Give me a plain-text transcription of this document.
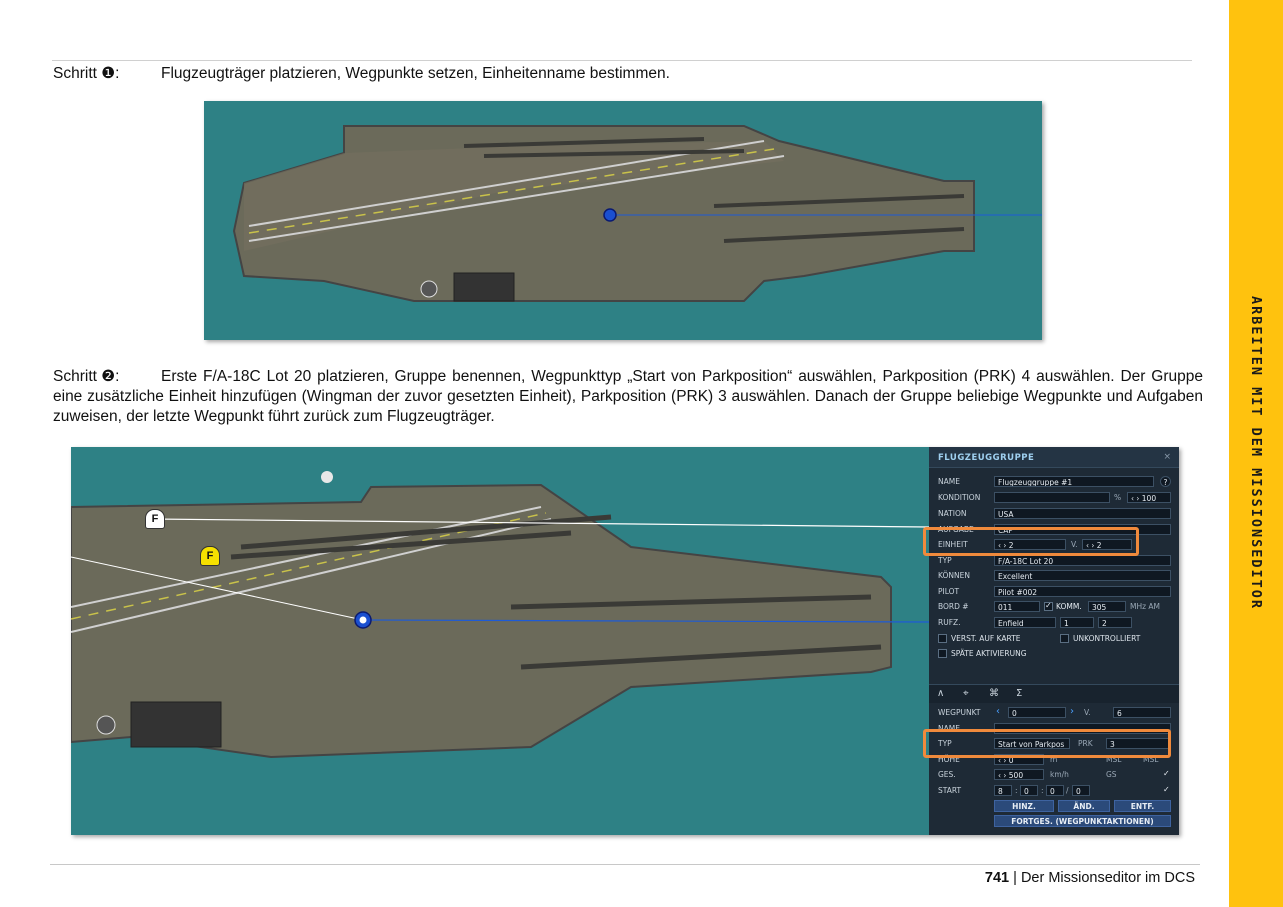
Schritt ❶:	Flugzeugträger platzieren, Wegpunkte setzen, Einheitenname bestimmen.
Schritt ❷:	Erste F/A-18C Lot 20 platzieren, Gruppe benennen, Wegpunkttyp „Start von Parkposition“ auswählen, Parkposition (PRK) 4 auswählen. Der Gruppe eine zusätzliche Einheit hinzufügen (Wingman der zuvor gesetzten Einheit), Parkposition (PRK) 3 auswählen. Danach der Gruppe beliebige Wegpunkte und Aufgaben zuweisen, der letzte Wegpunkt führt zurück zum Flugzeugträger.
F
F
FLUGZEUGGRUPPE	×
NAME	Flugzeuggruppe #1	?
KONDITION	%	‹ › 100
NATION	USA
AUFGABE	CAP
EINHEIT	‹ › 2	V.	‹ › 2
TYP	F/A-18C Lot 20
KÖNNEN	Excellent
PILOT	Pilot #002
BORD #	011	✓ KOMM.	305	MHz AM
RUFZ.	Enfield	1	2
VERST. AUF KARTE	UNKONTROLLIERT
SPÄTE AKTIVIERUNG
∧ ⌖ ⌘ Σ
WEGPUNKT ‹	0	› V.	6
NAME
TYP	Start von Parkpos	PRK	3
HÖHE	‹ › 0	m	MSL	MSL
GES.	‹ › 500	km/h	GS	✓
START	8	: 0	: 0	/ 0	✓
HINZ.	ÄND.	ENTF.
FORTGES. (WEGPUNKTAKTIONEN)
741 | Der Missionseditor im DCS
ARBEITEN MIT DEM MISSIONSEDITOR
